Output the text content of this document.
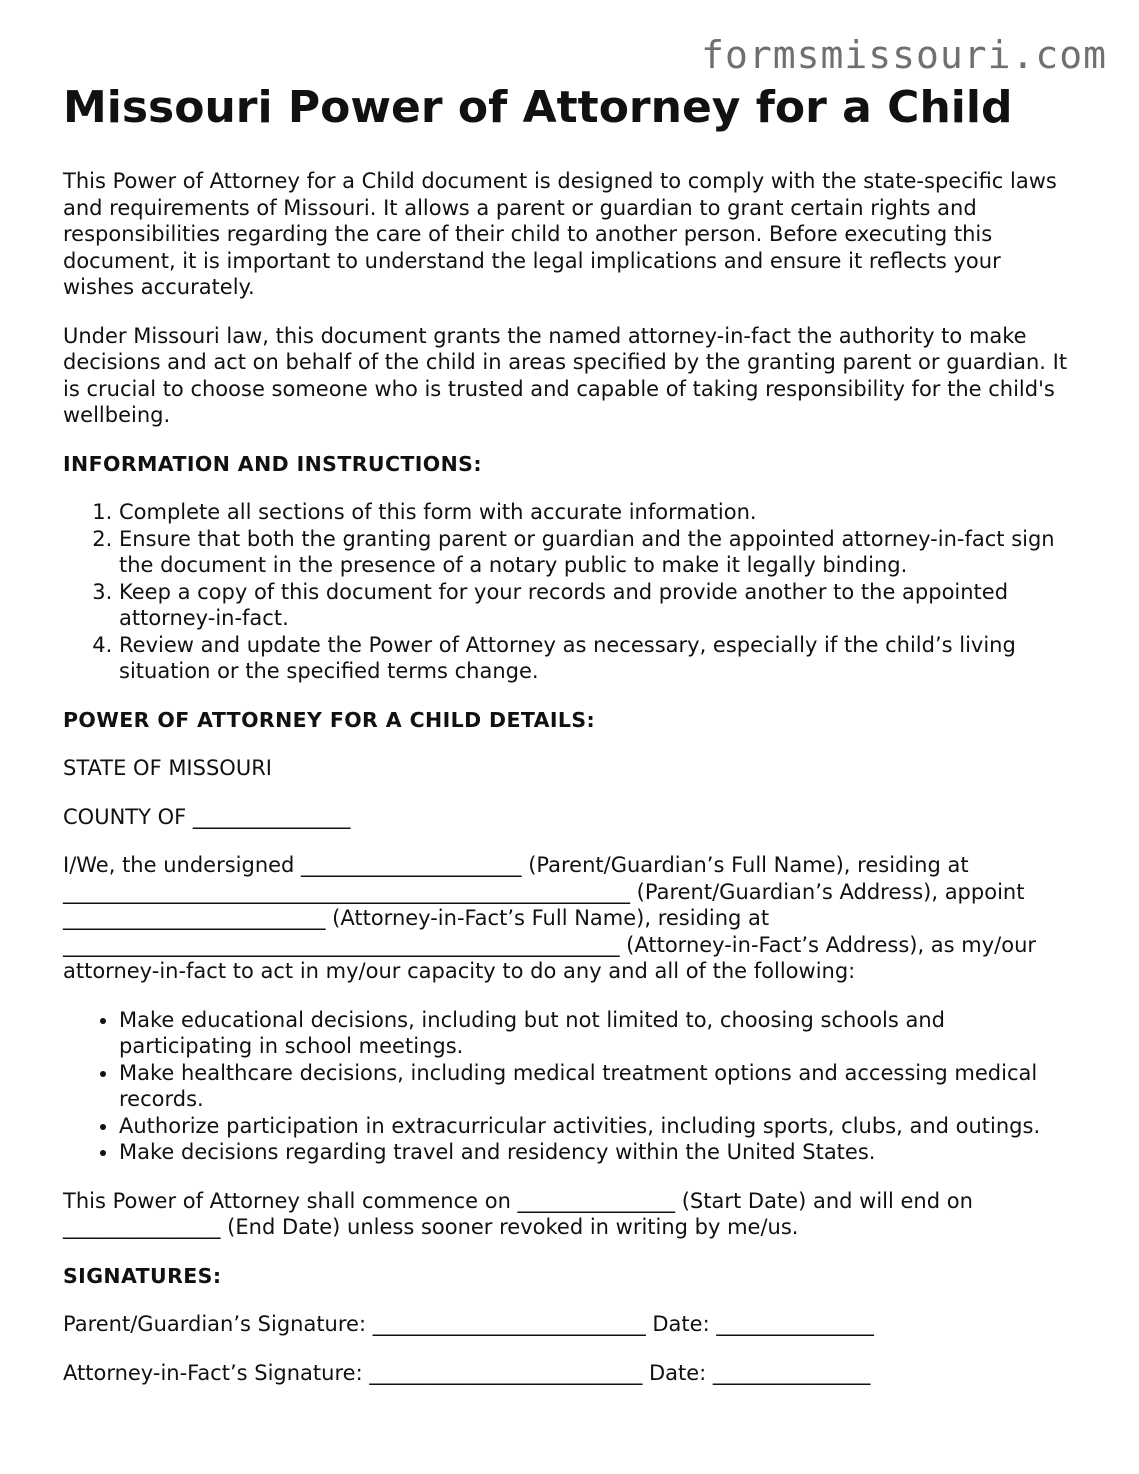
formsmissouri.com
Missouri Power of Attorney for a Child

This Power of Attorney for a Child document is designed to comply with the state-specific laws and requirements of Missouri. It allows a parent or guardian to grant certain rights and responsibilities regarding the care of their child to another person. Before executing this document, it is important to understand the legal implications and ensure it reflects your wishes accurately.

Under Missouri law, this document grants the named attorney-in-fact the authority to make decisions and act on behalf of the child in areas specified by the granting parent or guardian. It is crucial to choose someone who is trusted and capable of taking responsibility for the child's wellbeing.

INFORMATION AND INSTRUCTIONS:
1. Complete all sections of this form with accurate information.
2. Ensure that both the granting parent or guardian and the appointed attorney-in-fact sign the document in the presence of a notary public to make it legally binding.
3. Keep a copy of this document for your records and provide another to the appointed attorney-in-fact.
4. Review and update the Power of Attorney as necessary, especially if the child’s living situation or the specified terms change.
POWER OF ATTORNEY FOR A CHILD DETAILS:

STATE OF MISSOURI

COUNTY OF _______________

I/We, the undersigned _____________________ (Parent/Guardian’s Full Name), residing at ______________________________________________________ (Parent/Guardian’s Address), appoint _________________________ (Attorney-in-Fact’s Full Name), residing at _____________________________________________________ (Attorney-in-Fact’s Address), as my/our attorney-in-fact to act in my/our capacity to do any and all of the following:

• Make educational decisions, including but not limited to, choosing schools and participating in school meetings.
• Make healthcare decisions, including medical treatment options and accessing medical records.
• Authorize participation in extracurricular activities, including sports, clubs, and outings.
• Make decisions regarding travel and residency within the United States.

This Power of Attorney shall commence on _______________ (Start Date) and will end on _______________ (End Date) unless sooner revoked in writing by me/us.

SIGNATURES:

Parent/Guardian’s Signature: __________________________ Date: _______________

Attorney-in-Fact’s Signature: __________________________ Date: _______________
